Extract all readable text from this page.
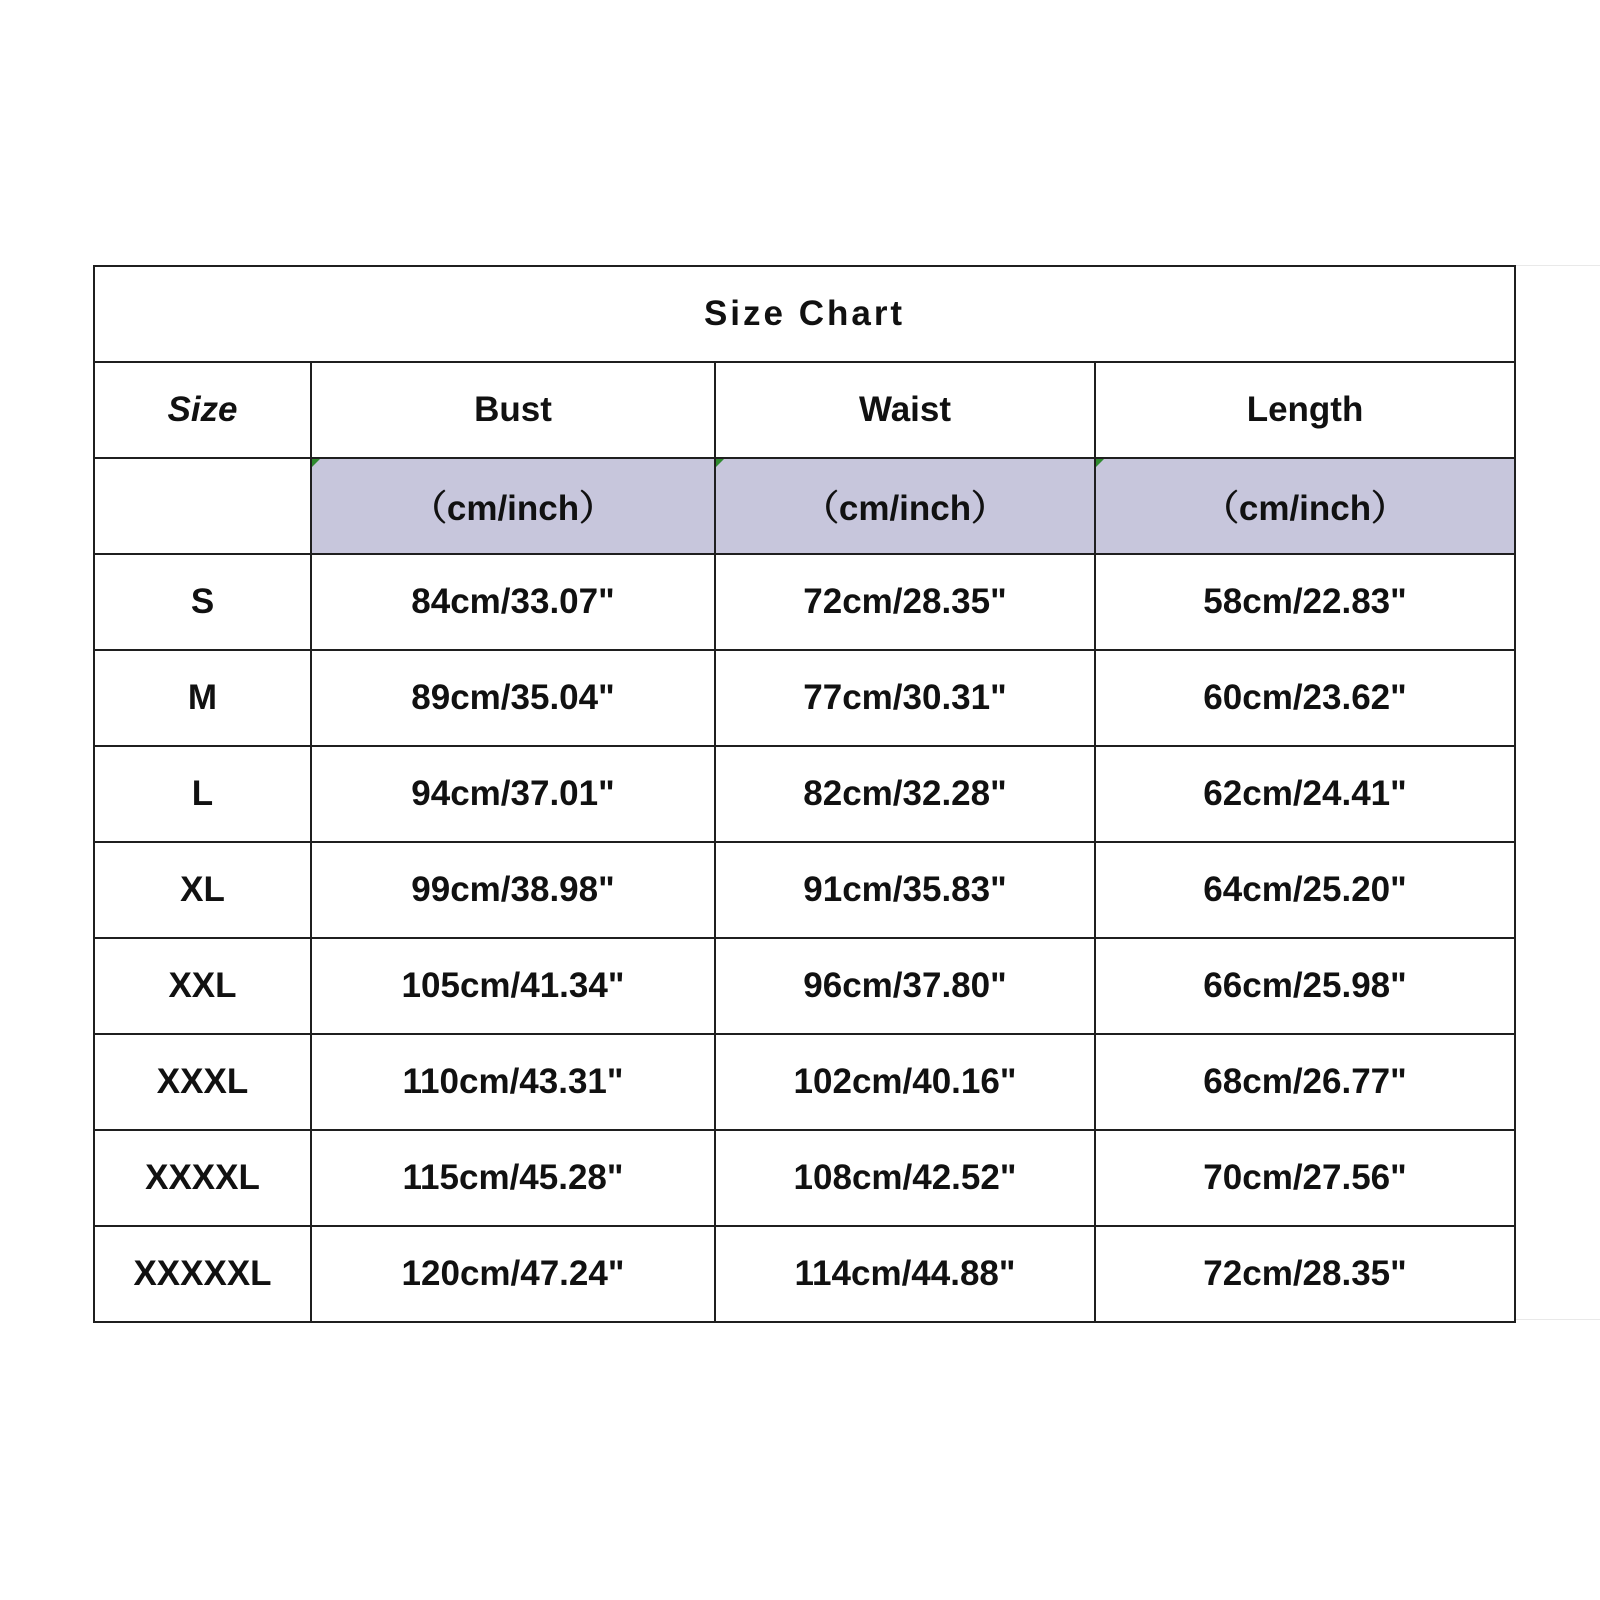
Size Chart			
Size	Bust	Waist	Length
	（cm/inch）	（cm/inch）	（cm/inch）
S	84cm/33.07"	72cm/28.35"	58cm/22.83"
M	89cm/35.04"	77cm/30.31"	60cm/23.62"
L	94cm/37.01"	82cm/32.28"	62cm/24.41"
XL	99cm/38.98"	91cm/35.83"	64cm/25.20"
XXL	105cm/41.34"	96cm/37.80"	66cm/25.98"
XXXL	110cm/43.31"	102cm/40.16"	68cm/26.77"
XXXXL	115cm/45.28"	108cm/42.52"	70cm/27.56"
XXXXXL	120cm/47.24"	114cm/44.88"	72cm/28.35"
